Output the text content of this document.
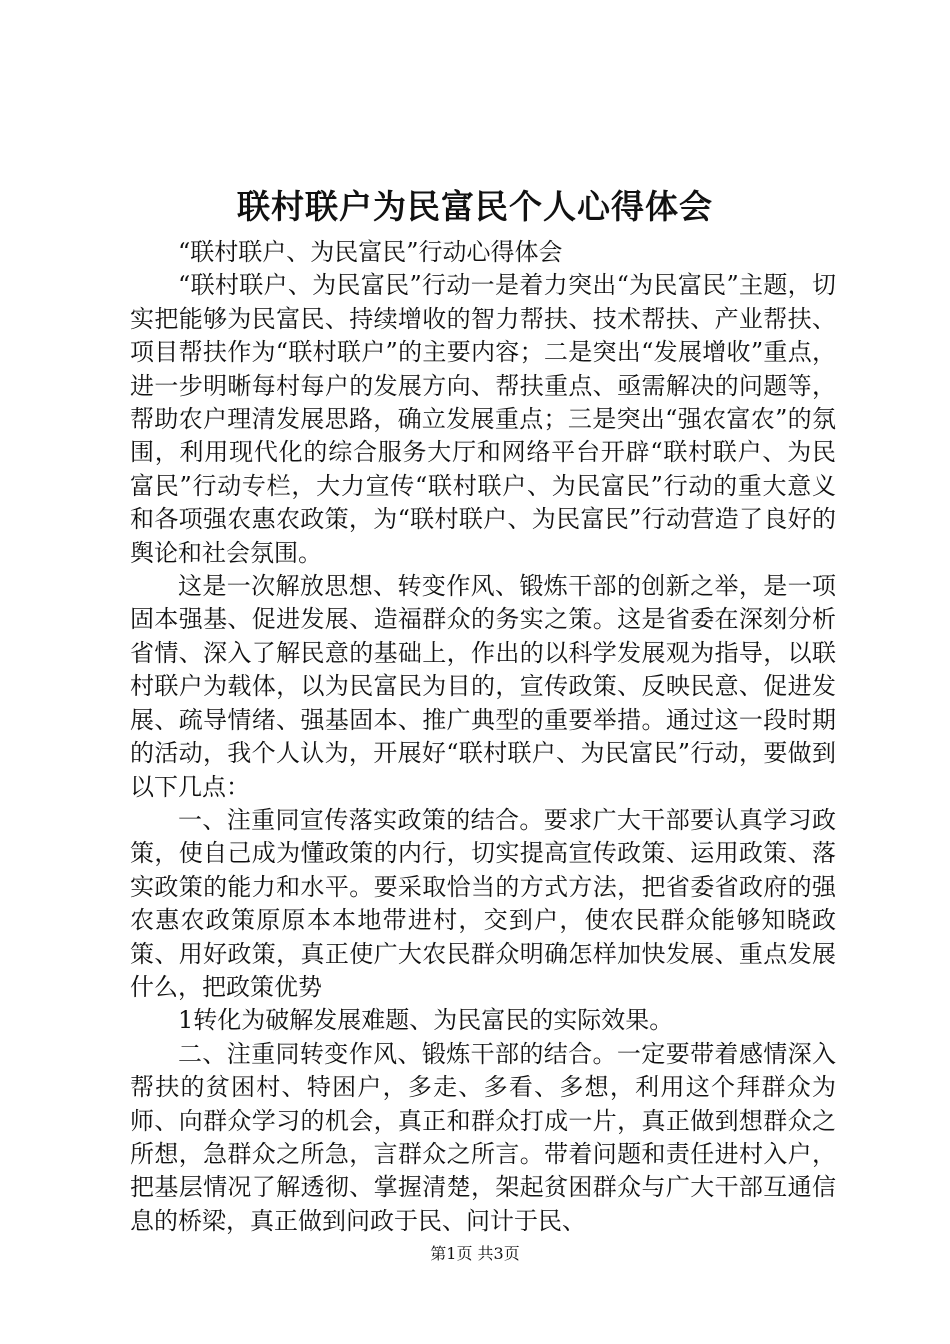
联村联户为民富民个人心得体会

“联村联户、为民富民”行动心得体会

“联村联户、为民富民”行动一是着力突出“为民富民”主题，切实把能够为民富民、持续增收的智力帮扶、技术帮扶、产业帮扶、项目帮扶作为“联村联户”的主要内容；二是突出“发展增收”重点，进一步明晰每村每户的发展方向、帮扶重点、亟需解决的问题等，帮助农户理清发展思路，确立发展重点；三是突出“强农富农”的氛围，利用现代化的综合服务大厅和网络平台开辟“联村联户、为民富民”行动专栏，大力宣传“联村联户、为民富民”行动的重大意义和各项强农惠农政策，为“联村联户、为民富民”行动营造了良好的舆论和社会氛围。

这是一次解放思想、转变作风、锻炼干部的创新之举，是一项固本强基、促进发展、造福群众的务实之策。这是省委在深刻分析省情、深入了解民意的基础上，作出的以科学发展观为指导，以联村联户为载体，以为民富民为目的，宣传政策、反映民意、促进发展、疏导情绪、强基固本、推广典型的重要举措。通过这一段时期的活动，我个人认为，开展好“联村联户、为民富民”行动，要做到以下几点：

一、注重同宣传落实政策的结合。要求广大干部要认真学习政策，使自己成为懂政策的内行，切实提高宣传政策、运用政策、落实政策的能力和水平。要采取恰当的方式方法，把省委省政府的强农惠农政策原原本本地带进村，交到户，使农民群众能够知晓政策、用好政策，真正使广大农民群众明确怎样加快发展、重点发展什么，把政策优势

1转化为破解发展难题、为民富民的实际效果。

二、注重同转变作风、锻炼干部的结合。一定要带着感情深入帮扶的贫困村、特困户，多走、多看、多想，利用这个拜群众为师、向群众学习的机会，真正和群众打成一片，真正做到想群众之所想，急群众之所急，言群众之所言。带着问题和责任进村入户，把基层情况了解透彻、掌握清楚，架起贫困群众与广大干部互通信息的桥梁，真正做到问政于民、问计于民、

第1页 共3页
